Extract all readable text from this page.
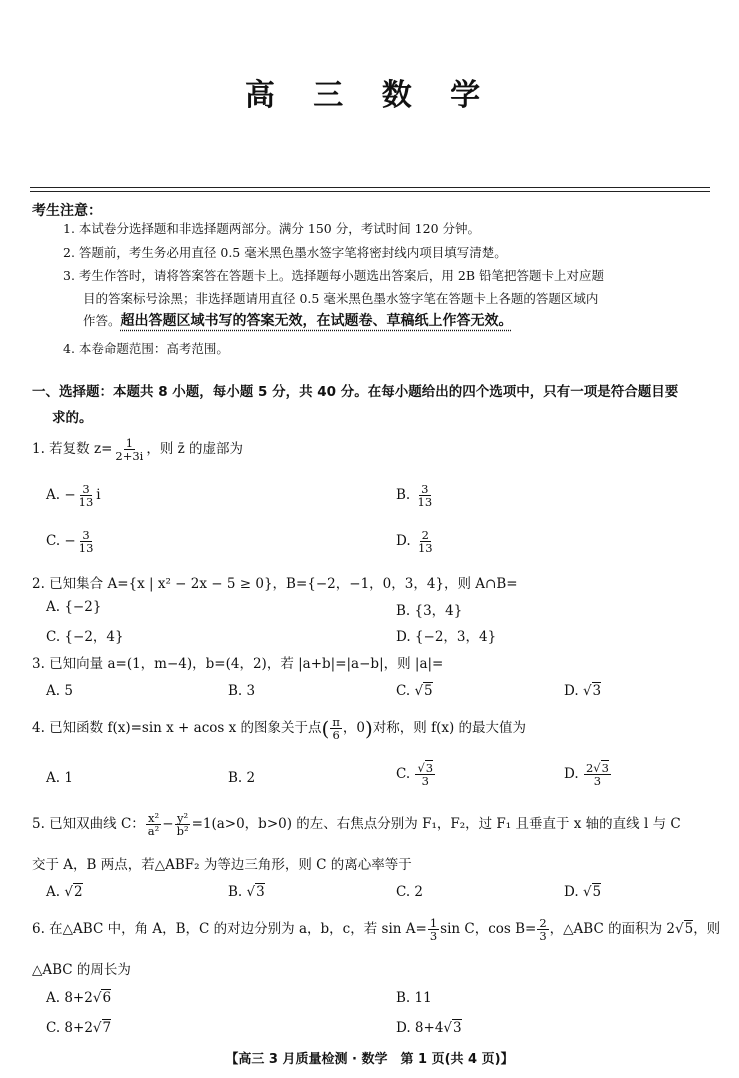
高 三 数 学
考生注意：
1. 本试卷分选择题和非选择题两部分。满分 150 分，考试时间 120 分钟。
2. 答题前，考生务必用直径 0.5 毫米黑色墨水签字笔将密封线内项目填写清楚。
3. 考生作答时，请将答案答在答题卡上。选择题每小题选出答案后，用 2B 铅笔把答题卡上对应题
目的答案标号涂黑；非选择题请用直径 0.5 毫米黑色墨水签字笔在答题卡上各题的答题区域内
作答。超出答题区域书写的答案无效，在试题卷、草稿纸上作答无效。
4. 本卷命题范围：高考范围。
一、选择题：本题共 8 小题，每小题 5 分，共 40 分。在每小题给出的四个选项中，只有一项是符合题目要
求的。
1. 若复数 $z= \frac{1}{2+3i}$ ，则 z̄ 的虚部为
A. − $\frac{3}{13}$ i	B. $\frac{3}{13}$
C. − $\frac{3}{13}$	D. $\frac{2}{13}$
2. 已知集合 A={x | x² − 2x − 5 ≥ 0}，B={−2，−1，0，3，4}，则 A∩B=
A. {−2}	B. {3，4}
C. {−2，4}	D. {−2，3，4}
3. 已知向量 a=(1，m−4)，b=(4，2)，若 |a+b|=|a−b|，则 |a|=
A. 5	B. 3	C. √5	D. √3
4. 已知函数 f(x)=sin x + acos x 的图象关于点( $\frac{\pi}{6}$ ，0)对称，则 f(x) 的最大值为
A. 1	B. 2	C. $\frac{√3}{3}$	D. $\frac{2√3}{3}$
5. 已知双曲线 C： $\frac{\text{x²}}{\text{a²}} - \frac{\text{y²}}{\text{b²}} =1(a>0$，b>0) 的左、右焦点分别为 F₁，F₂，过 F₁ 且垂直于 x 轴的直线 l 与 C
交于 A，B 两点，若△ABF₂ 为等边三角形，则 C 的离心率等于
A. √2	B. √3	C. 2	D. √5
6. 在△ABC 中，角 A，B，C 的对边分别为 a，b，c，若 $\sin A= \frac{1}{3}$ sin C，$\cos B= \frac{2}{3}$ ，△ABC 的面积为 2√5，则
△ABC 的周长为
A. 8+2√6	B. 11
C. 8+2√7	D. 8+4√3
【高三 3 月质量检测 · 数学　第 1 页(共 4 页)】
